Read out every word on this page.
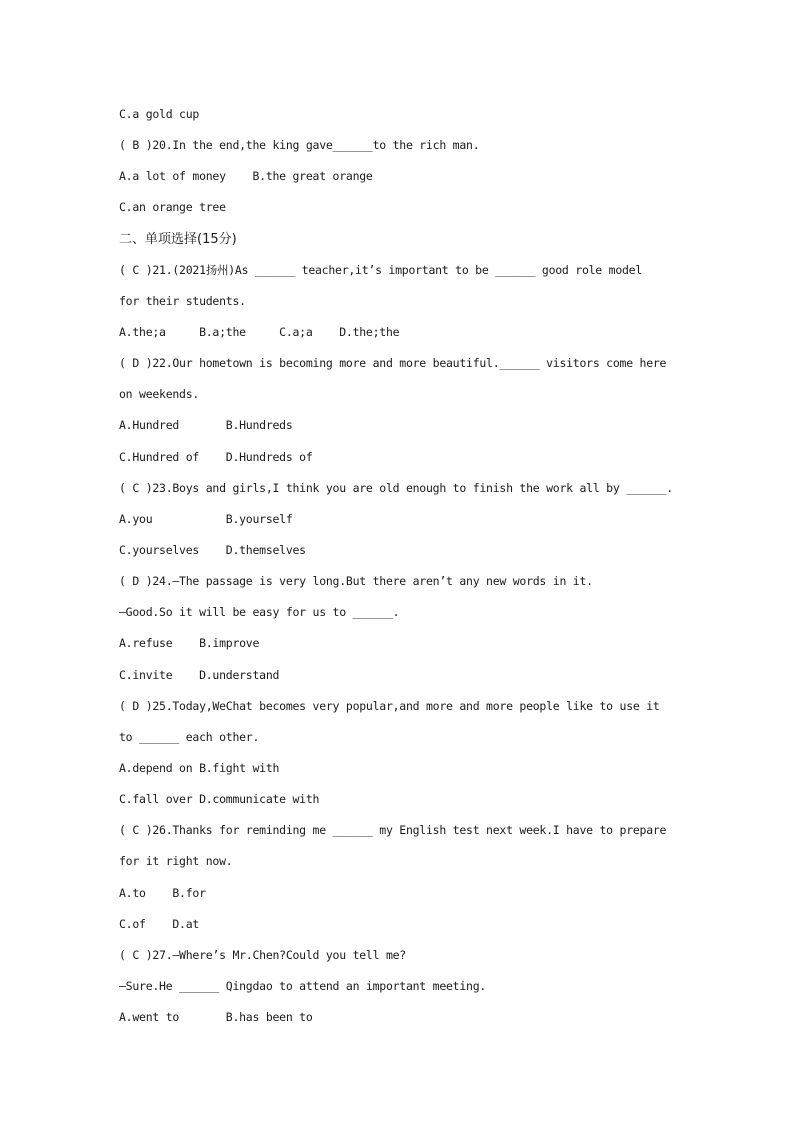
C.a gold cup
( B )20.In the end,the king gave______to the rich man.
A.a lot of money    B.the great orange
C.an orange tree
二、单项选择(15分)
( C )21.(2021扬州)As ______ teacher,it’s important to be ______ good role model
for their students.
A.the;a     B.a;the     C.a;a    D.the;the
( D )22.Our hometown is becoming more and more beautiful.______ visitors come here
on weekends.
A.Hundred       B.Hundreds
C.Hundred of    D.Hundreds of
( C )23.Boys and girls,I think you are old enough to finish the work all by ______.
A.you           B.yourself
C.yourselves    D.themselves
( D )24.—The passage is very long.But there aren’t any new words in it.
—Good.So it will be easy for us to ______.
A.refuse    B.improve
C.invite    D.understand
( D )25.Today,WeChat becomes very popular,and more and more people like to use it
to ______ each other.
A.depend on B.fight with
C.fall over D.communicate with
( C )26.Thanks for reminding me ______ my English test next week.I have to prepare
for it right now.
A.to    B.for
C.of    D.at
( C )27.—Where’s Mr.Chen?Could you tell me?
—Sure.He ______ Qingdao to attend an important meeting.
A.went to       B.has been to
